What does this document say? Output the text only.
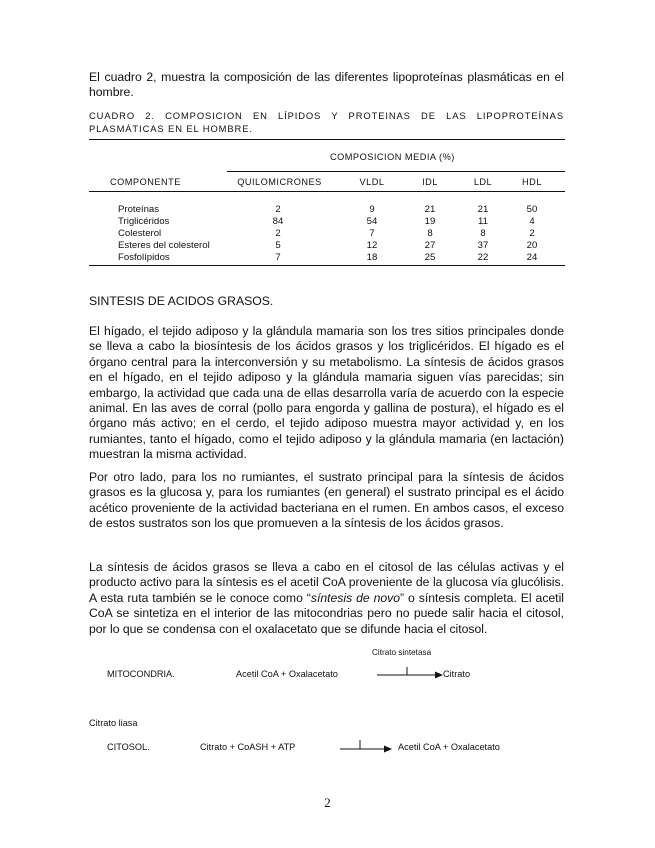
El cuadro 2, muestra la composición de las diferentes lipoproteínas plasmáticas en el hombre.

CUADRO 2. COMPOSICION EN LÍPIDOS Y PROTEINAS DE LAS LIPOPROTEÍNAS PLASMÁTICAS EN EL HOMBRE.

COMPOSICION MEDIA (%)
COMPONENTE	QUILOMICRONES	VLDL	IDL	LDL	HDL
Proteínas	2	9	21	21	50
Triglicéridos	84	54	19	11	4
Colesterol	2	7	8	8	2
Esteres del colesterol	5	12	27	37	20
Fosfolípidos	7	18	25	22	24

SINTESIS DE ACIDOS GRASOS.

El hígado, el tejido adiposo y la glándula mamaria son los tres sitios principales donde se lleva a cabo la biosíntesis de los ácidos grasos y los triglicéridos. El hígado es el órgano central para la interconversión y su metabolismo. La síntesis de ácidos grasos en el hígado, en el tejido adiposo y la glándula mamaria siguen vías parecidas; sin embargo, la actividad que cada una de ellas desarrolla varía de acuerdo con la especie animal. En las aves de corral (pollo para engorda y gallina de postura), el hígado es el órgano más activo; en el cerdo, el tejido adiposo muestra mayor actividad y, en los rumiantes, tanto el hígado, como el tejido adiposo y la glándula mamaria (en lactación) muestran la misma actividad.

Por otro lado, para los no rumiantes, el sustrato principal para la síntesis de ácidos grasos es la glucosa y, para los rumiantes (en general) el sustrato principal es el ácido acético proveniente de la actividad bacteriana en el rumen. En ambos casos, el exceso de estos sustratos son los que promueven a la síntesis de los ácidos grasos.

La síntesis de ácidos grasos se lleva a cabo en el citosol de las células activas y el producto activo para la síntesis es el acetil CoA proveniente de la glucosa vía glucólisis. A esta ruta también se le conoce como “síntesis de novo” o síntesis completa. El acetil CoA se sintetiza en el interior de las mitocondrias pero no puede salir hacia el citosol, por lo que se condensa con el oxalacetato que se difunde hacia el citosol.

Citrato sintetasa
MITOCONDRIA.	Acetil CoA + Oxalacetato	Citrato
Citrato liasa
CITOSOL.	Citrato + CoASH + ATP	→ Acetil CoA + Oxalacetato
2
